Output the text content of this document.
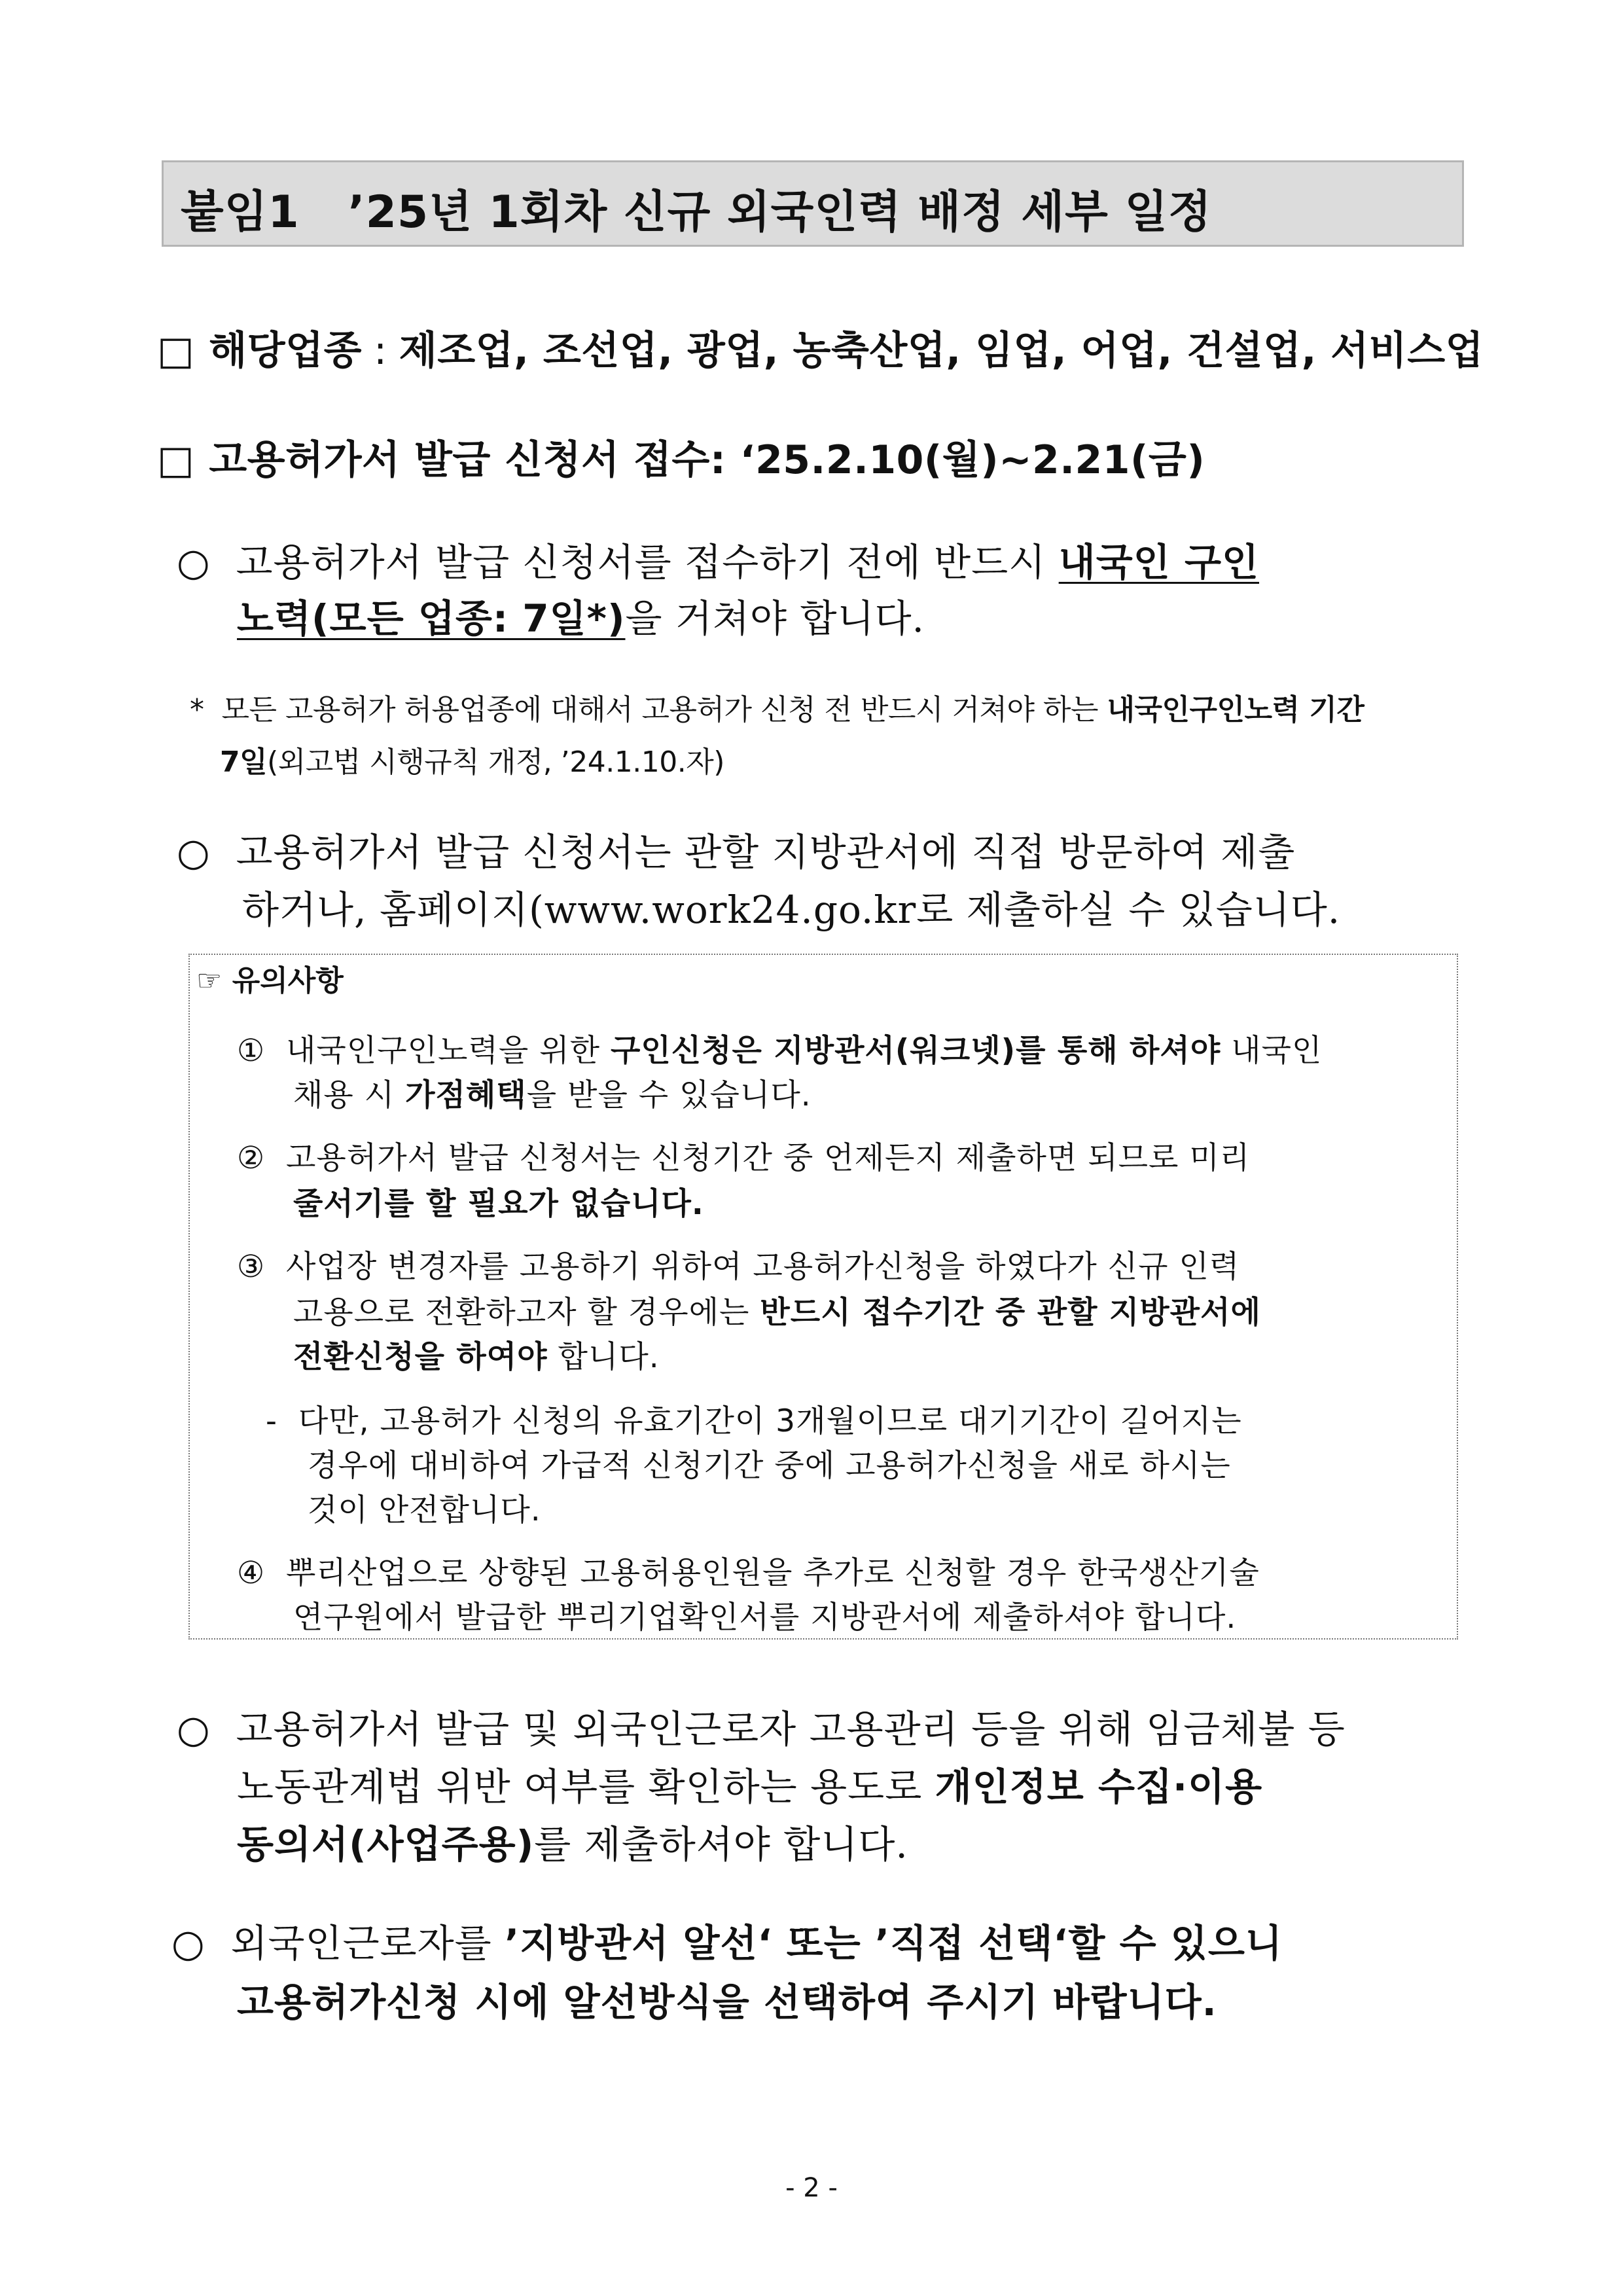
붙임1 ’25년 1회차 신규 외국인력 배정 세부 일정
□ 해당업종 : 제조업, 조선업, 광업, 농축산업, 임업, 어업, 건설업, 서비스업
□ 고용허가서 발급 신청서 접수: ‘25.2.10(월)~2.21(금)
○ 고용허가서 발급 신청서를 접수하기 전에 반드시 내국인 구인
노력(모든 업종: 7일*)을 거쳐야 합니다.
* 모든 고용허가 허용업종에 대해서 고용허가 신청 전 반드시 거쳐야 하는 내국인구인노력 기간
7일(외고법 시행규칙 개정, ’24.1.10.자)
○ 고용허가서 발급 신청서는 관할 지방관서에 직접 방문하여 제출
하거나, 홈페이지(www.work24.go.kr로 제출하실 수 있습니다.
☞ 유의사항
① 내국인구인노력을 위한 구인신청은 지방관서(워크넷)를 통해 하셔야 내국인
채용 시 가점혜택을 받을 수 있습니다.
② 고용허가서 발급 신청서는 신청기간 중 언제든지 제출하면 되므로 미리
줄서기를 할 필요가 없습니다.
③ 사업장 변경자를 고용하기 위하여 고용허가신청을 하였다가 신규 인력
고용으로 전환하고자 할 경우에는 반드시 접수기간 중 관할 지방관서에
전환신청을 하여야 합니다.
- 다만, 고용허가 신청의 유효기간이 3개월이므로 대기기간이 길어지는
경우에 대비하여 가급적 신청기간 중에 고용허가신청을 새로 하시는
것이 안전합니다.
④ 뿌리산업으로 상향된 고용허용인원을 추가로 신청할 경우 한국생산기술
연구원에서 발급한 뿌리기업확인서를 지방관서에 제출하셔야 합니다.
○ 고용허가서 발급 및 외국인근로자 고용관리 등을 위해 임금체불 등
노동관계법 위반 여부를 확인하는 용도로 개인정보 수집·이용
동의서(사업주용)를 제출하셔야 합니다.
○ 외국인근로자를 ’지방관서 알선‘ 또는 ’직접 선택‘할 수 있으니
고용허가신청 시에 알선방식을 선택하여 주시기 바랍니다.
- 2 -
